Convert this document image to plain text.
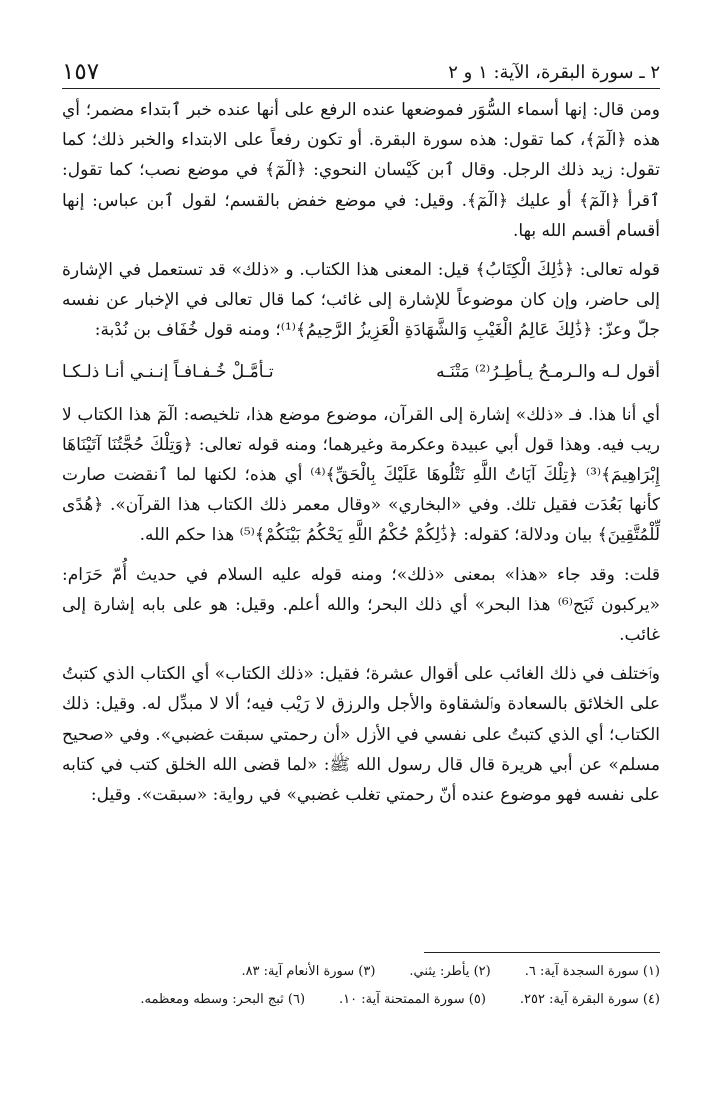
١٥٧	٢ ـ سورة البقرة، الآية: ١ و ٢

ومن قال: إنها أسماء السُّوَر فموضعها عنده الرفع على أنها عنده خبر ٱبتداء مضمر؛ أي هذه ﴿الٓمٓ﴾، كما تقول: هذه سورة البقرة. أو تكون رفعاً على الابتداء والخبر ذلك؛ كما تقول: زيد ذلك الرجل. وقال ٱبن كَيْسان النحوي: ﴿الٓمٓ﴾ في موضع نصب؛ كما تقول: ٱقرأ ﴿الٓمٓ﴾ أو عليك ﴿الٓمٓ﴾. وقيل: في موضع خفض بالقسم؛ لقول ٱبن عباس: إنها أقسام أقسم الله بها.

قوله تعالى: ﴿ذَٰلِكَ الْكِتَابُ﴾ قيل: المعنى هذا الكتاب. و «ذلك» قد تستعمل في الإشارة إلى حاضر، وإن كان موضوعاً للإشارة إلى غائب؛ كما قال تعالى في الإخبار عن نفسه جلّ وعزّ: ﴿ذَٰلِكَ عَالِمُ الْغَيْبِ وَالشَّهَادَةِ الْعَزِيزُ الرَّحِيمُ﴾⁽¹⁾؛ ومنه قول خُفَاف بن نُدْبة:

أقول لـه والـرمـحُ يـأطِـرُ⁽²⁾ مَتْنَـه
تـأمَّـلْ خُـفـافـاً إنـنـي أنـا ذلـكـا

أي أنا هذا. فـ «ذلك» إشارة إلى القرآن، موضوع موضع هذا، تلخيصه: الٓمٓ هذا الكتاب لا ريب فيه. وهذا قول أبي عبيدة وعكرمة وغيرهما؛ ومنه قوله تعالى: ﴿وَتِلْكَ حُجَّتُنَا آتَيْنَاهَا إِبْرَاهِيمَ﴾⁽³⁾ ﴿تِلْكَ آيَاتُ اللَّهِ نَتْلُوهَا عَلَيْكَ بِالْحَقِّ﴾⁽⁴⁾ أي هذه؛ لكنها لما ٱنقضت صارت كأنها بَعُدَت فقيل تلك. وفي «البخاري» «وقال معمر ذلك الكتاب هذا القرآن». ﴿هُدًى لِّلْمُتَّقِينَ﴾ بيان ودلالة؛ كقوله: ﴿ذَٰلِكُمْ حُكْمُ اللَّهِ يَحْكُمُ بَيْنَكُمْ﴾⁽⁵⁾ هذا حكم الله.

قلت: وقد جاء «هذا» بمعنى «ذلك»؛ ومنه قوله عليه السلام في حديث أُمّ حَرَام: «يركبون ثَبَج⁽⁶⁾ هذا البحر» أي ذلك البحر؛ والله أعلم. وقيل: هو على بابه إشارة إلى غائب.

وٱختلف في ذلك الغائب على أقوال عشرة؛ فقيل: «ذلك الكتاب» أي الكتاب الذي كتبتُ على الخلائق بالسعادة وٱلشقاوة والأجل والرزق لا رَيْب فيه؛ ألا لا مبدِّل له. وقيل: ذلك الكتاب؛ أي الذي كتبتُ على نفسي في الأزل «أن رحمتي سبقت غضبي». وفي «صحيح مسلم» عن أبي هريرة قال قال رسول الله ﷺ: «لما قضى الله الخلق كتب في كتابه على نفسه فهو موضوع عنده أنّ رحمتي تغلب غضبي» في رواية: «سبقت». وقيل:

(١) سورة السجدة آية: ٦.
(٢) يأطر: يثني.
(٣) سورة الأنعام آية: ٨٣.
(٤) سورة البقرة آية: ٢٥٢.
(٥) سورة الممتحنة آية: ١٠.
(٦) ثبج البحر: وسطه ومعظمه.
